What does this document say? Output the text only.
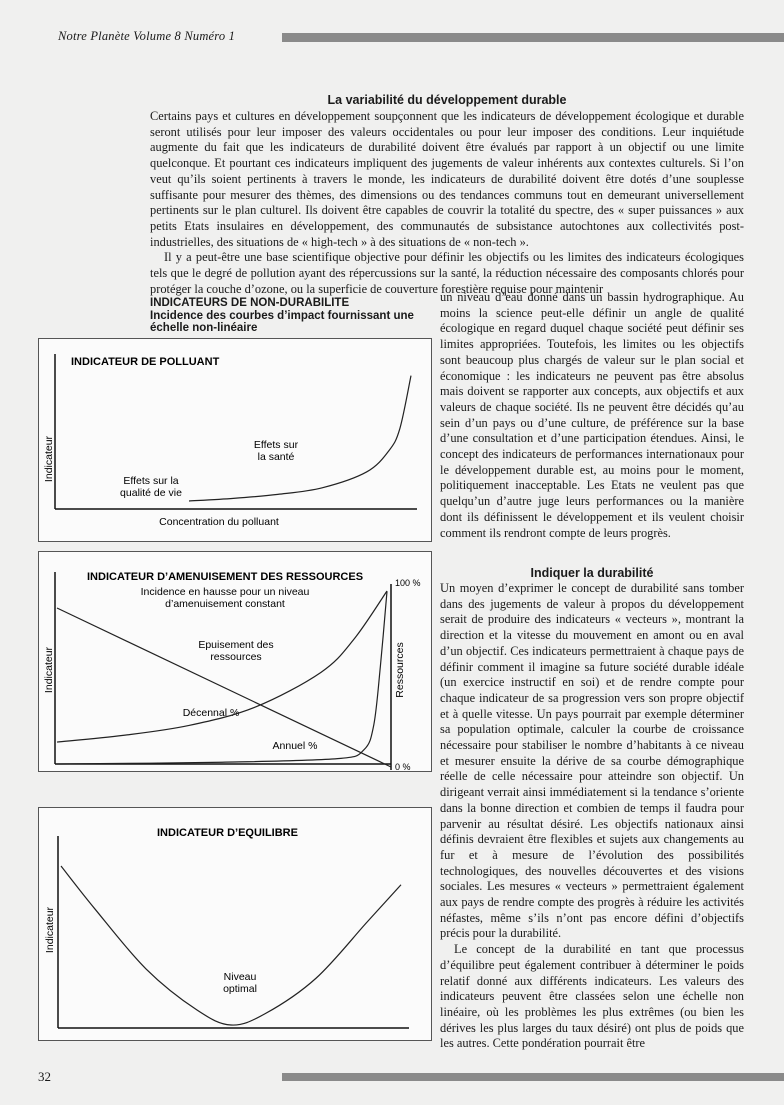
Notre Planète Volume 8 Numéro 1
La variabilité du développement durable

Certains pays et cultures en développement soupçonnent que les indicateurs de développement écologique et durable seront utilisés pour leur imposer des valeurs occidentales ou pour leur imposer des conditions. Leur inquiétude augmente du fait que les indicateurs de durabilité doivent être évalués par rapport à un objectif ou une limite quelconque. Et pourtant ces indicateurs impliquent des jugements de valeur inhérents aux contextes culturels. Si l’on veut qu’ils soient pertinents à travers le monde, les indicateurs de durabilité doivent être dotés d’une souplesse suffisante pour mesurer des thèmes, des dimensions ou des tendances communs tout en demeurant universellement pertinents sur le plan culturel. Ils doivent être capables de couvrir la totalité du spectre, des « super puissances » aux petits Etats insulaires en développement, des communautés de subsistance autochtones aux collectivités post-industrielles, des situations de « high-tech » à des situations de « non-tech ».

Il y a peut-être une base scientifique objective pour définir les objectifs ou les limites des indicateurs écologiques tels que le degré de pollution ayant des répercussions sur la santé, la réduction nécessaire des composants chlorés pour protéger la couche d’ozone, ou la superficie de couverture forestière requise pour maintenir

INDICATEURS DE NON-DURABILITE
Incidence des courbes d’impact fournissant une échelle non-linéaire

un niveau d’eau donné dans un bassin hydrographique. Au moins la science peut-elle définir un angle de qualité écologique en regard duquel chaque société peut définir ses limites appropriées. Toutefois, les limites ou les objectifs sont beaucoup plus chargés de valeur sur le plan social et économique : les indicateurs ne peuvent pas être absolus mais doivent se rapporter aux concepts, aux objectifs et aux valeurs de chaque société. Ils ne peuvent être décidés qu’au sein d’un pays ou d’une culture, de préférence sur la base d’une consultation et d’une participation étendues. Ainsi, le concept des indicateurs de performances internationaux pour le développement durable est, au moins pour le moment, politiquement inacceptable. Les Etats ne veulent pas que quelqu’un d’autre juge leurs performances ou la manière dont ils définissent le développement et ils veulent choisir comment ils rendront compte de leurs progrès.

Indiquer la durabilité

Un moyen d’exprimer le concept de durabilité sans tomber dans des jugements de valeur à propos du développement serait de produire des indicateurs « vecteurs », montrant la direction et la vitesse du mouvement en amont ou en aval d’un objectif. Ces indicateurs permettraient à chaque pays de définir comment il imagine sa future société durable idéale (un exercice instructif en soi) et de rendre compte pour chaque indicateur de sa progression vers son propre objectif et à quelle vitesse. Un pays pourrait par exemple déterminer sa population optimale, calculer la courbe de croissance nécessaire pour stabiliser le nombre d’habitants à ce niveau et mesurer ensuite la dérive de sa courbe démographique réelle de celle nécessaire pour atteindre son objectif. Un dirigeant verrait ainsi immédiatement si la tendance s’oriente dans la bonne direction et combien de temps il faudra pour parvenir au résultat désiré. Les objectifs nationaux ainsi définis devraient être flexibles et sujets aux changements au fur et à mesure de l’évolution des possibilités technologiques, des nouvelles découvertes et des visions sociales. Les mesures « vecteurs » permettraient également aux pays de rendre compte des progrès à réduire les activités néfastes, même s’ils n’ont pas encore défini d’objectifs précis pour la durabilité.

Le concept de la durabilité en tant que processus d’équilibre peut également contribuer à déterminer le poids relatif donné aux différents indicateurs. Les valeurs des indicateurs peuvent être classées selon une échelle non linéaire, où les problèmes les plus extrêmes (ou bien les dérives les plus larges du taux désiré) ont plus de poids que les autres. Cette pondération pourrait être

INDICATEUR DE POLLUANT
Indicateur
Concentration du polluant
Effets sur la santé
Effets sur la qualité de vie
INDICATEUR D’AMENUISEMENT DES RESSOURCES
Indicateur	Ressources
100 %
0 %
Incidence en hausse pour un niveau d’amenuisement constant
Epuisement des ressources
Décennal %
Annuel %
INDICATEUR D’EQUILIBRE
Indicateur
Niveau optimal
32
